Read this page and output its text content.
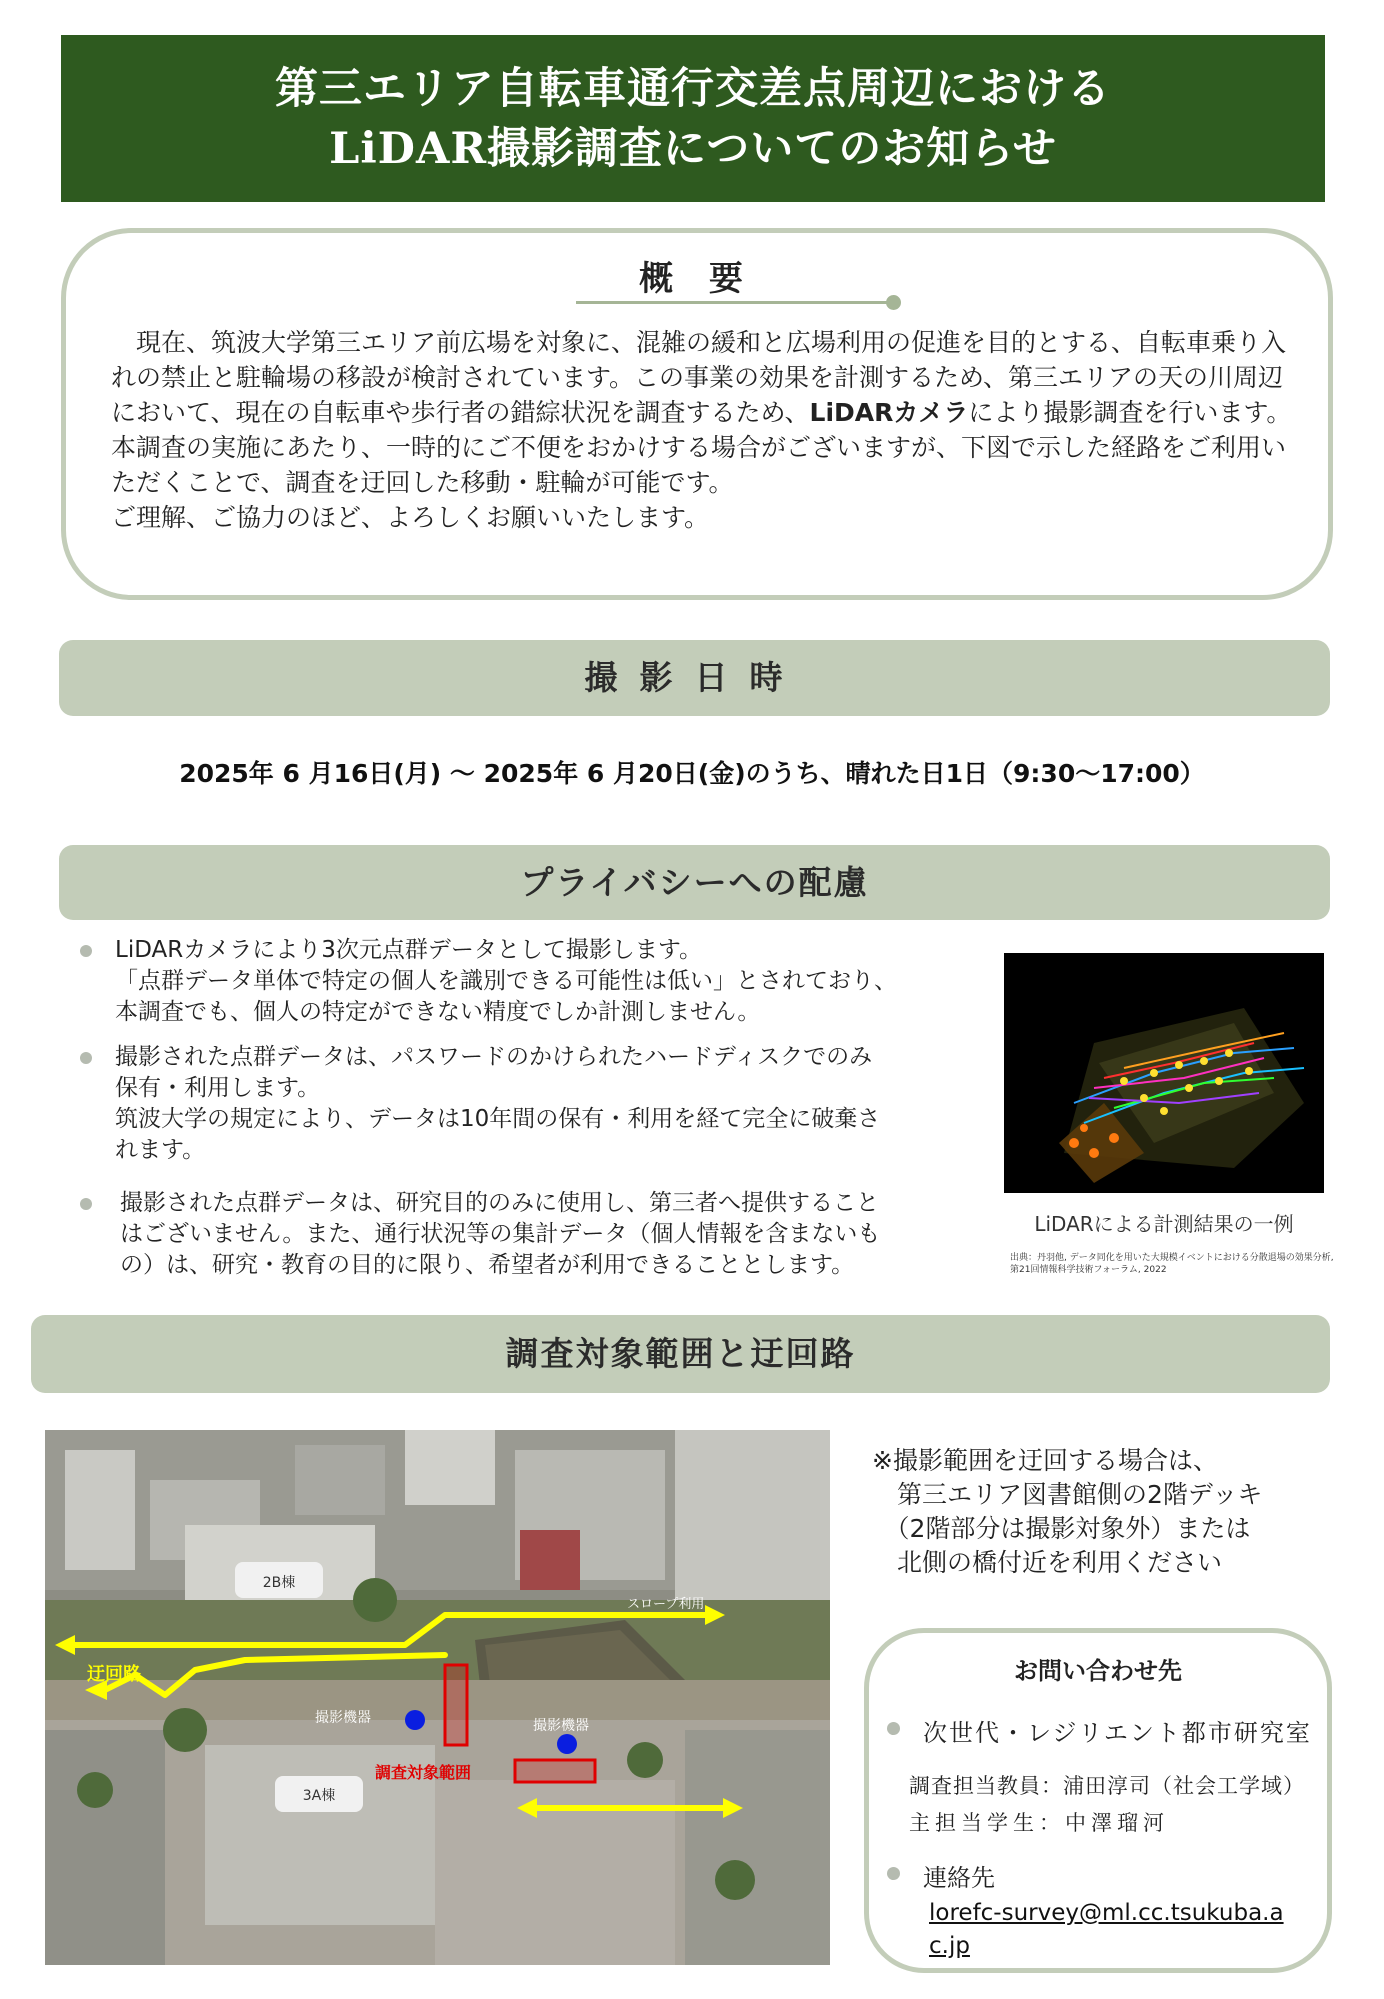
第三エリア自転車通行交差点周辺における
LiDAR撮影調査についてのお知らせ
概 要

　現在、筑波大学第三エリア前広場を対象に、混雑の緩和と広場利用の促進を目的とする、自転車乗り入れの禁止と駐輪場の移設が検討されています。この事業の効果を計測するため、第三エリアの天の川周辺において、現在の自転車や歩行者の錯綜状況を調査するため、LiDARカメラにより撮影調査を行います。

本調査の実施にあたり、一時的にご不便をおかけする場合がございますが、下図で示した経路をご利用いただくことで、調査を迂回した移動・駐輪が可能です。

ご理解、ご協力のほど、よろしくお願いいたします。

撮影日時
2025年 6 月16日(月) ～ 2025年 6 月20日(金)のうち、晴れた日1日（9:30～17:00）
プライバシーへの配慮
LiDARカメラにより3次元点群データとして撮影します。
「点群データ単体で特定の個人を識別できる可能性は低い」とされており、
本調査でも、個人の特定ができない精度でしか計測しません。
撮影された点群データは、パスワードのかけられたハードディスクでのみ
保有・利用します。
筑波大学の規定により、データは10年間の保有・利用を経て完全に破棄さ
れます。
撮影された点群データは、研究目的のみに使用し、第三者へ提供すること
はございません。また、通行状況等の集計データ（個人情報を含まないも
の）は、研究・教育の目的に限り、希望者が利用できることとします。
LiDARによる計測結果の一例
出典：丹羽他, データ同化を用いた大規模イベントにおける分散退場の効果分析, 第21回情報科学技術フォーラム, 2022
調査対象範囲と迂回路
2B棟
3A棟
スロープ利用
迂回路
調査対象範囲
撮影機器	撮影機器
※撮影範囲を迂回する場合は、
　第三エリア図書館側の2階デッキ
　（2階部分は撮影対象外）または
　北側の橋付近を利用ください
お問い合わせ先
次世代・レジリエント都市研究室
調査担当教員：浦田淳司（社会工学域）
主担当学生：中澤瑠河
連絡先
lorefc-survey@ml.cc.tsukuba.ac.jp
